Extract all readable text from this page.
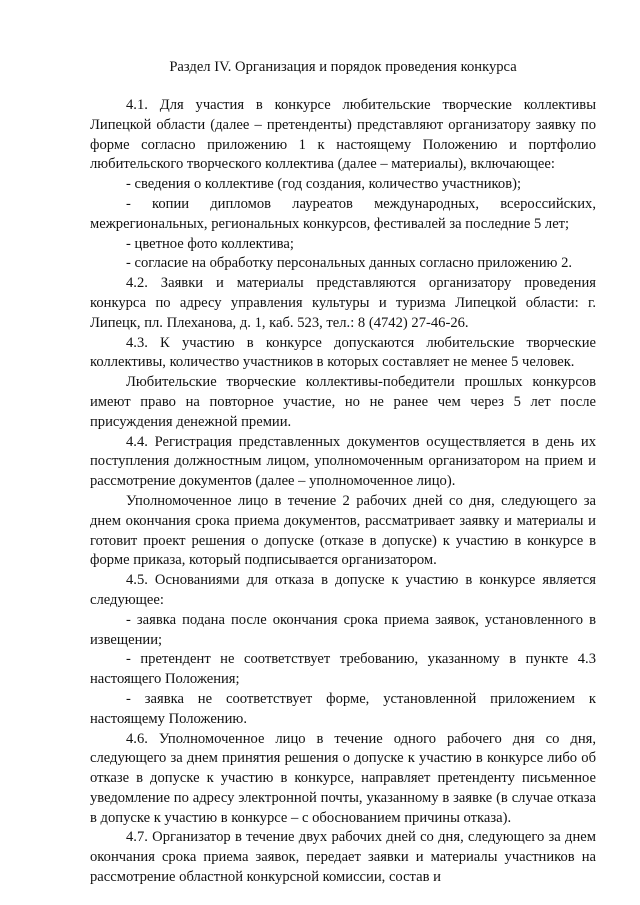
Раздел IV. Организация и порядок проведения конкурса

4.1. Для участия в конкурсе любительские творческие коллективы Липецкой области (далее – претенденты) представляют организатору заявку по форме согласно приложению 1 к настоящему Положению и портфолио любительского творческого коллектива (далее – материалы), включающее:

- сведения о коллективе (год создания, количество участников);

- копии дипломов лауреатов международных, всероссийских, межрегиональных, региональных конкурсов, фестивалей за последние 5 лет;

- цветное фото коллектива;

- согласие на обработку персональных данных согласно приложению 2.

4.2. Заявки и материалы представляются организатору проведения конкурса по адресу управления культуры и туризма Липецкой области: г. Липецк, пл. Плеханова, д. 1, каб. 523, тел.: 8 (4742) 27-46-26.

4.3. К участию в конкурсе допускаются любительские творческие коллективы, количество участников в которых составляет не менее 5 человек.

Любительские творческие коллективы-победители прошлых конкурсов имеют право на повторное участие, но не ранее чем через 5 лет после присуждения денежной премии.

4.4. Регистрация представленных документов осуществляется в день их поступления должностным лицом, уполномоченным организатором на прием и рассмотрение документов (далее – уполномоченное лицо).

Уполномоченное лицо в течение 2 рабочих дней со дня, следующего за днем окончания срока приема документов, рассматривает заявку и материалы и готовит проект решения о допуске (отказе в допуске) к участию в конкурсе в форме приказа, который подписывается организатором.

4.5. Основаниями для отказа в допуске к участию в конкурсе является следующее:

- заявка подана после окончания срока приема заявок, установленного в извещении;

- претендент не соответствует требованию, указанному в пункте 4.3 настоящего Положения;

- заявка не соответствует форме, установленной приложением к настоящему Положению.

4.6. Уполномоченное лицо в течение одного рабочего дня со дня, следующего за днем принятия решения о допуске к участию в конкурсе либо об отказе в допуске к участию в конкурсе, направляет претенденту письменное уведомление по адресу электронной почты, указанному в заявке (в случае отказа в допуске к участию в конкурсе – с обоснованием причины отказа).

4.7. Организатор в течение двух рабочих дней со дня, следующего за днем окончания срока приема заявок, передает заявки и материалы участников на рассмотрение областной конкурсной комиссии, состав и
